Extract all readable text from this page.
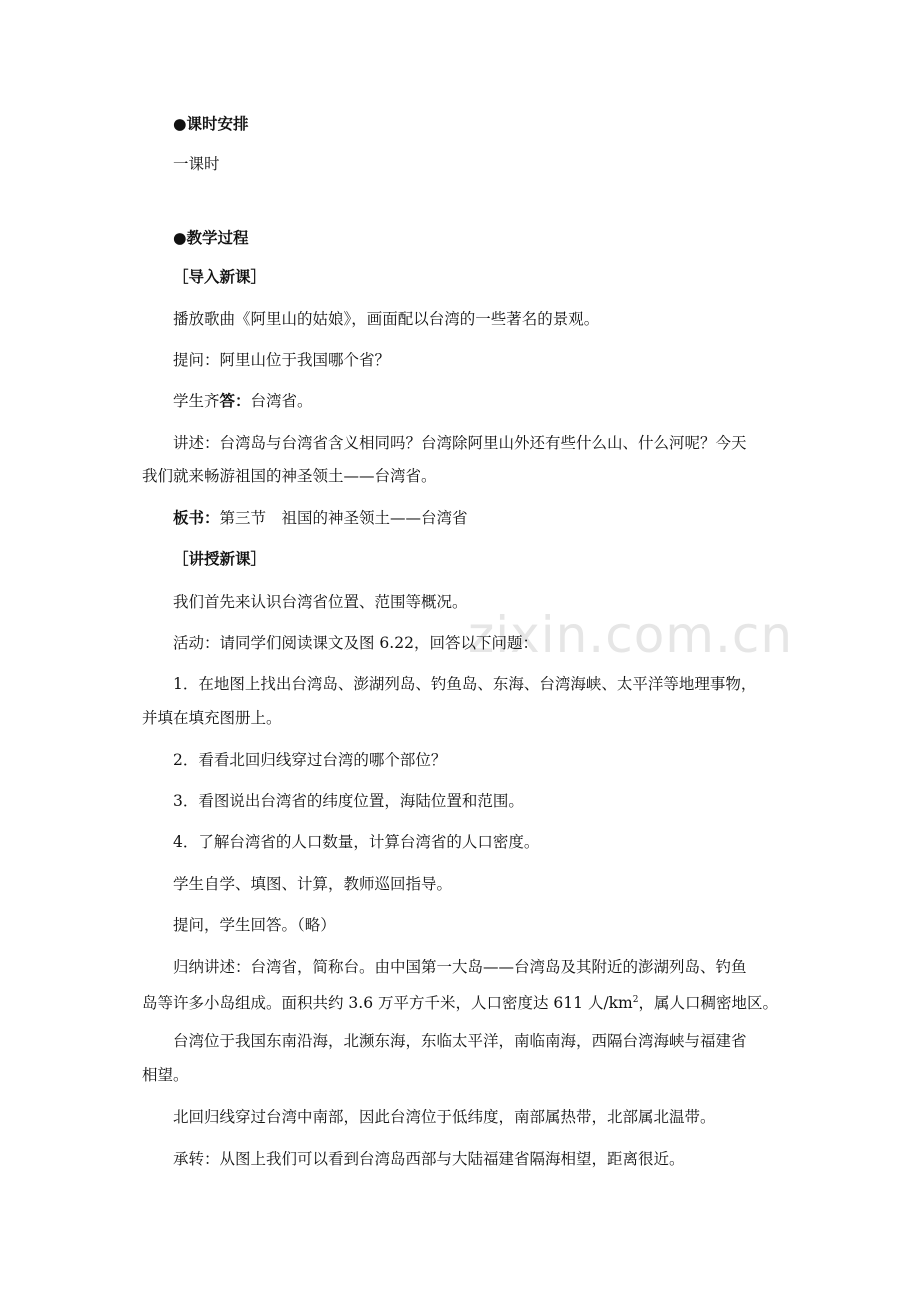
zixin.com.cn
●课时安排
一课时
●教学过程
［导入新课］
播放歌曲《阿里山的姑娘》，画面配以台湾的一些著名的景观。
提问：阿里山位于我国哪个省？
学生齐答：台湾省。
讲述：台湾岛与台湾省含义相同吗？台湾除阿里山外还有些什么山、什么河呢？今天
我们就来畅游祖国的神圣领土——台湾省。
板书：第三节　祖国的神圣领土——台湾省
［讲授新课］
我们首先来认识台湾省位置、范围等概况。
活动：请同学们阅读课文及图 6.22，回答以下问题：
1．在地图上找出台湾岛、澎湖列岛、钓鱼岛、东海、台湾海峡、太平洋等地理事物，
并填在填充图册上。
2．看看北回归线穿过台湾的哪个部位？
3．看图说出台湾省的纬度位置，海陆位置和范围。
4．了解台湾省的人口数量，计算台湾省的人口密度。
学生自学、填图、计算，教师巡回指导。
提问，学生回答。（略）
归纳讲述：台湾省，简称台。由中国第一大岛——台湾岛及其附近的澎湖列岛、钓鱼
岛等许多小岛组成。面积共约 3.6 万平方千米，人口密度达 611 人$/km^2$，属人口稠密地区。
台湾位于我国东南沿海，北濒东海，东临太平洋，南临南海，西隔台湾海峡与福建省
相望。
北回归线穿过台湾中南部，因此台湾位于低纬度，南部属热带，北部属北温带。
承转：从图上我们可以看到台湾岛西部与大陆福建省隔海相望，距离很近。
